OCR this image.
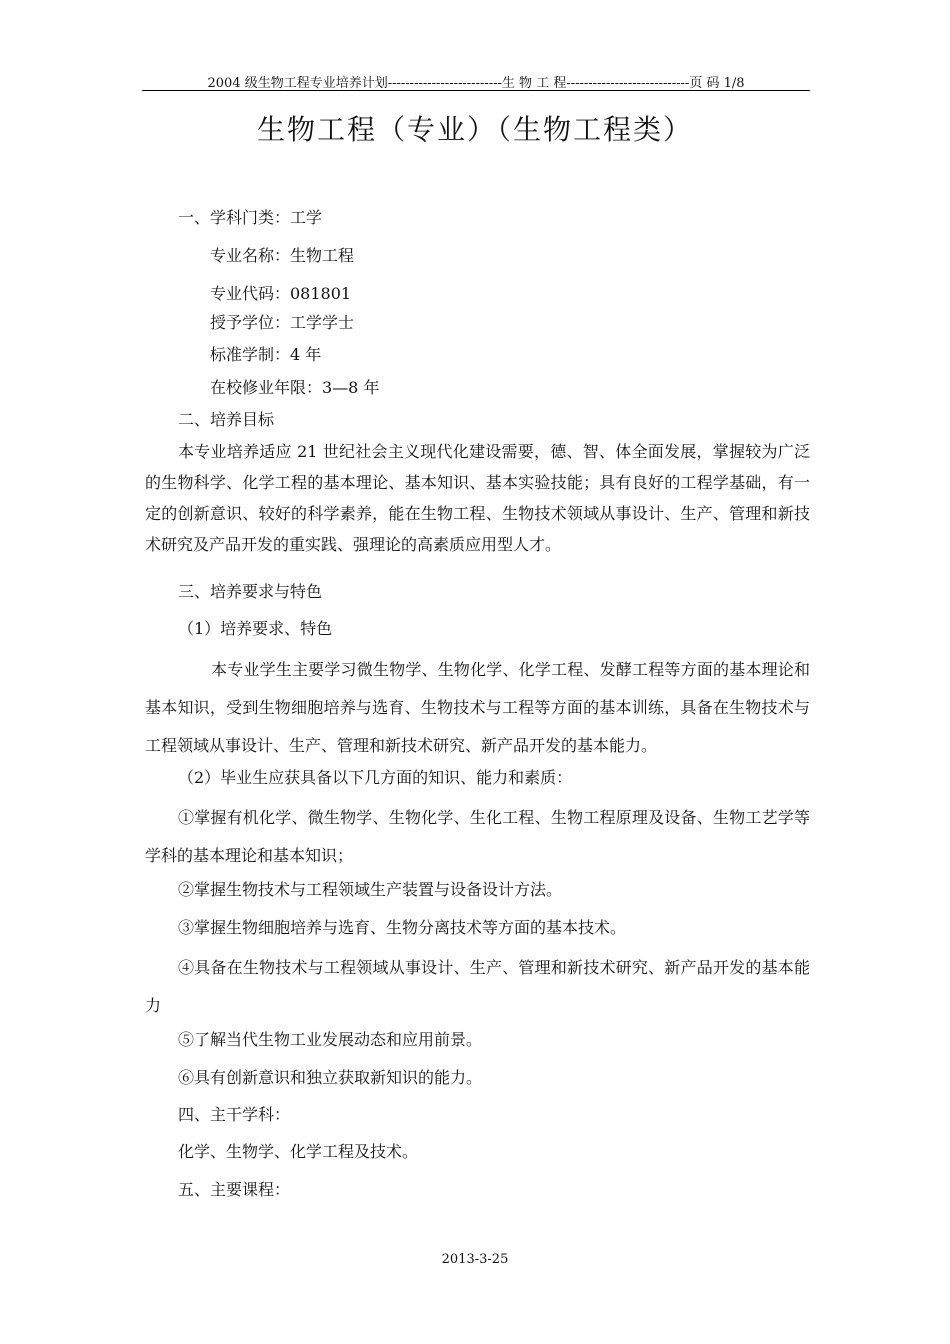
2004 级生物工程专业培养计划--------------------------生 物 工 程----------------------------页 码 1/8
生物工程（专业）（生物工程类）
一、学科门类：工学
专业名称：生物工程
专业代码：081801
授予学位：工学学士
标准学制：4 年
在校修业年限：3—8 年
二、培养目标
本专业培养适应 21 世纪社会主义现代化建设需要，德、智、体全面发展，掌握较为广泛的生物科学、化学工程的基本理论、基本知识、基本实验技能；具有良好的工程学基础，有一定的创新意识、较好的科学素养，能在生物工程、生物技术领域从事设计、生产、管理和新技术研究及产品开发的重实践、强理论的高素质应用型人才。
三、培养要求与特色
（1）培养要求、特色
本专业学生主要学习微生物学、生物化学、化学工程、发酵工程等方面的基本理论和基本知识，受到生物细胞培养与选育、生物技术与工程等方面的基本训练，具备在生物技术与工程领域从事设计、生产、管理和新技术研究、新产品开发的基本能力。
（2）毕业生应获具备以下几方面的知识、能力和素质：
①掌握有机化学、微生物学、生物化学、生化工程、生物工程原理及设备、生物工艺学等学科的基本理论和基本知识；
②掌握生物技术与工程领域生产装置与设备设计方法。
③掌握生物细胞培养与选育、生物分离技术等方面的基本技术。
④具备在生物技术与工程领域从事设计、生产、管理和新技术研究、新产品开发的基本能力
⑤了解当代生物工业发展动态和应用前景。
⑥具有创新意识和独立获取新知识的能力。
四、主干学科：
化学、生物学、化学工程及技术。
五、主要课程：
2013-3-25
